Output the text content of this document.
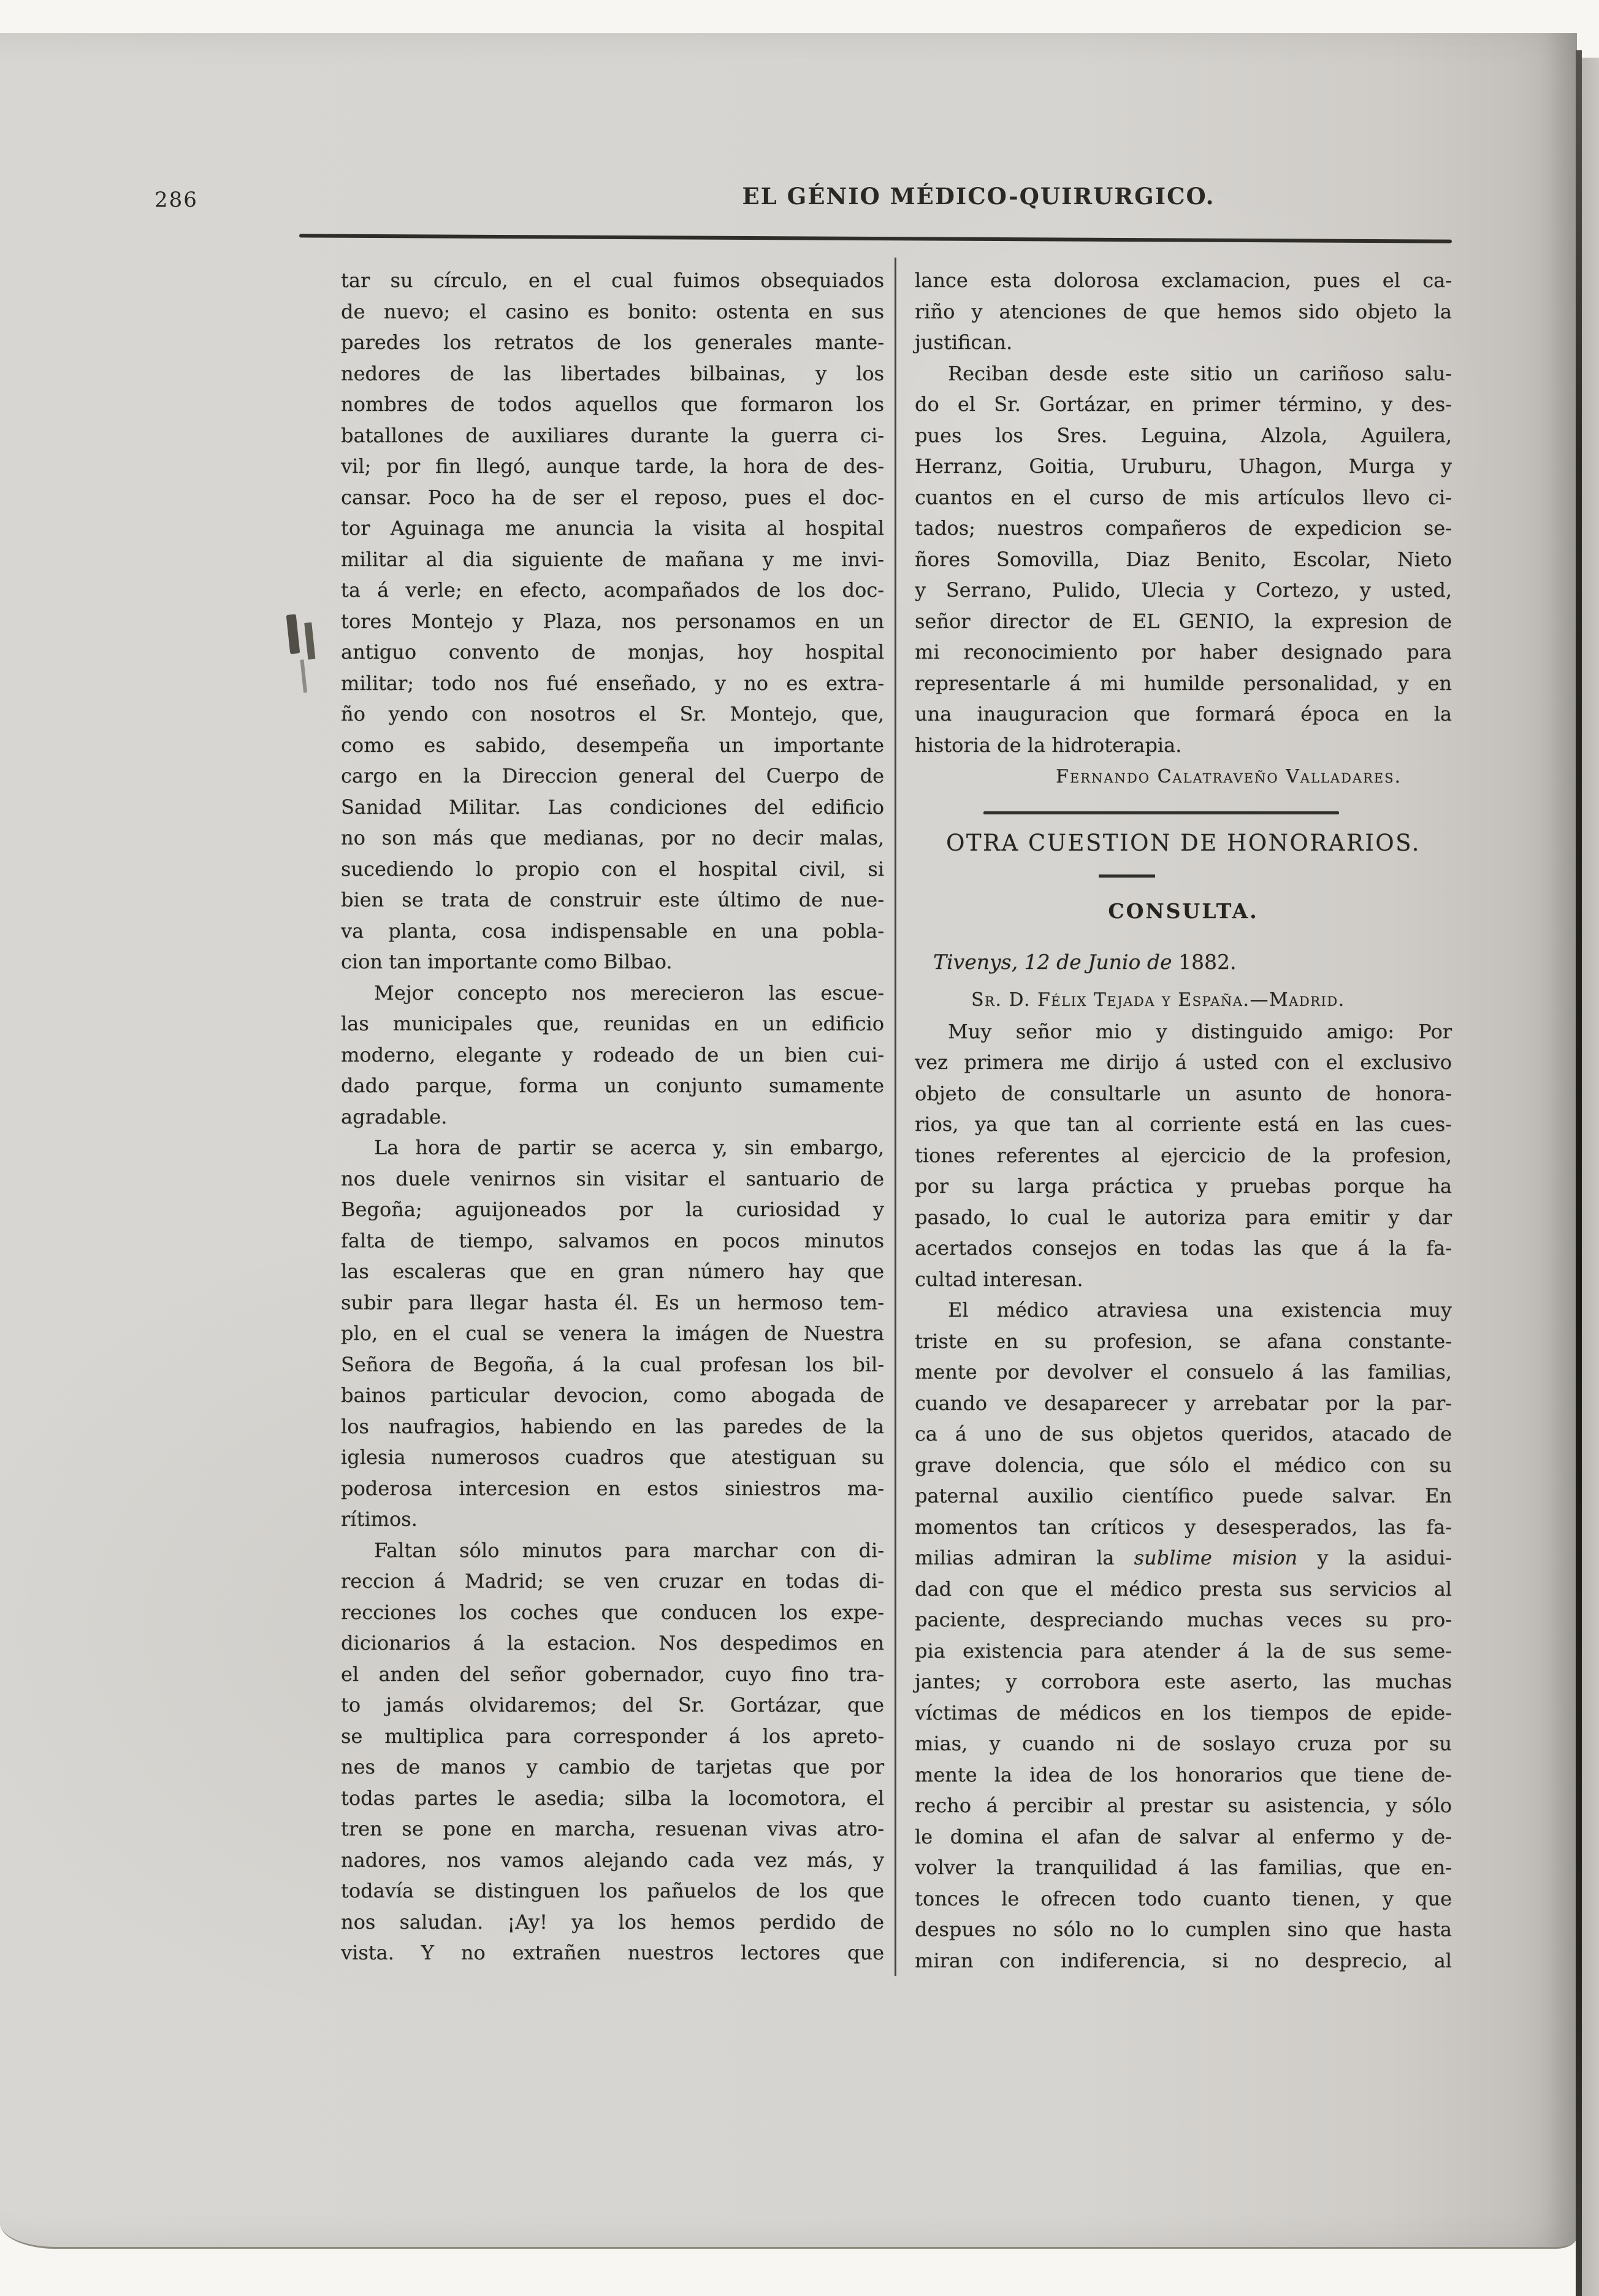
286	EL GÉNIO MÉDICO-QUIRURGICO.
tar su círculo, en el cual fuimos obsequiados
de nuevo; el casino es bonito: ostenta en sus
paredes los retratos de los generales mante-
nedores de las libertades bilbainas, y los
nombres de todos aquellos que formaron los
batallones de auxiliares durante la guerra ci-
vil; por fin llegó, aunque tarde, la hora de des-
cansar. Poco ha de ser el reposo, pues el doc-
tor Aguinaga me anuncia la visita al hospital
militar al dia siguiente de mañana y me invi-
ta á verle; en efecto, acompañados de los doc-
tores Montejo y Plaza, nos personamos en un
antiguo convento de monjas, hoy hospital
militar; todo nos fué enseñado, y no es extra-
ño yendo con nosotros el Sr. Montejo, que,
como es sabido, desempeña un importante
cargo en la Direccion general del Cuerpo de
Sanidad Militar. Las condiciones del edificio
no son más que medianas, por no decir malas,
sucediendo lo propio con el hospital civil, si
bien se trata de construir este último de nue-
va planta, cosa indispensable en una pobla-
cion tan importante como Bilbao.
Mejor concepto nos merecieron las escue-
las municipales que, reunidas en un edificio
moderno, elegante y rodeado de un bien cui-
dado parque, forma un conjunto sumamente
agradable.
La hora de partir se acerca y, sin embargo,
nos duele venirnos sin visitar el santuario de
Begoña; aguijoneados por la curiosidad y
falta de tiempo, salvamos en pocos minutos
las escaleras que en gran número hay que
subir para llegar hasta él. Es un hermoso tem-
plo, en el cual se venera la imágen de Nuestra
Señora de Begoña, á la cual profesan los bil-
bainos particular devocion, como abogada de
los naufragios, habiendo en las paredes de la
iglesia numerosos cuadros que atestiguan su
poderosa intercesion en estos siniestros ma-
rítimos.
Faltan sólo minutos para marchar con di-
reccion á Madrid; se ven cruzar en todas di-
recciones los coches que conducen los expe-
dicionarios á la estacion. Nos despedimos en
el anden del señor gobernador, cuyo fino tra-
to jamás olvidaremos; del Sr. Gortázar, que
se multiplica para corresponder á los apreto-
nes de manos y cambio de tarjetas que por
todas partes le asedia; silba la locomotora, el
tren se pone en marcha, resuenan vivas atro-
nadores, nos vamos alejando cada vez más, y
todavía se distinguen los pañuelos de los que
nos saludan. ¡Ay! ya los hemos perdido de
vista. Y no extrañen nuestros lectores que
lance esta dolorosa exclamacion, pues el ca-
riño y atenciones de que hemos sido objeto la
justifican.
Reciban desde este sitio un cariñoso salu-
do el Sr. Gortázar, en primer término, y des-
pues los Sres. Leguina, Alzola, Aguilera,
Herranz, Goitia, Uruburu, Uhagon, Murga y
cuantos en el curso de mis artículos llevo ci-
tados; nuestros compañeros de expedicion se-
ñores Somovilla, Diaz Benito, Escolar, Nieto
y Serrano, Pulido, Ulecia y Cortezo, y usted,
señor director de EL GENIO, la expresion de
mi reconocimiento por haber designado para
representarle á mi humilde personalidad, y en
una inauguracion que formará época en la
historia de la hidroterapia.
Fernando Calatraveño Valladares.
OTRA CUESTION DE HONORARIOS.
CONSULTA.
Tivenys, 12 de Junio de 1882.
Sr. D. Félix Tejada y España.—Madrid.
Muy señor mio y distinguido amigo: Por
vez primera me dirijo á usted con el exclusivo
objeto de consultarle un asunto de honora-
rios, ya que tan al corriente está en las cues-
tiones referentes al ejercicio de la profesion,
por su larga práctica y pruebas porque ha
pasado, lo cual le autoriza para emitir y dar
acertados consejos en todas las que á la fa-
cultad interesan.
El médico atraviesa una existencia muy
triste en su profesion, se afana constante-
mente por devolver el consuelo á las familias,
cuando ve desaparecer y arrebatar por la par-
ca á uno de sus objetos queridos, atacado de
grave dolencia, que sólo el médico con su
paternal auxilio científico puede salvar. En
momentos tan críticos y desesperados, las fa-
milias admiran la sublime mision y la asidui-
dad con que el médico presta sus servicios al
paciente, despreciando muchas veces su pro-
pia existencia para atender á la de sus seme-
jantes; y corrobora este aserto, las muchas
víctimas de médicos en los tiempos de epide-
mias, y cuando ni de soslayo cruza por su
mente la idea de los honorarios que tiene de-
recho á percibir al prestar su asistencia, y sólo
le domina el afan de salvar al enfermo y de-
volver la tranquilidad á las familias, que en-
tonces le ofrecen todo cuanto tienen, y que
despues no sólo no lo cumplen sino que hasta
miran con indiferencia, si no desprecio, al
